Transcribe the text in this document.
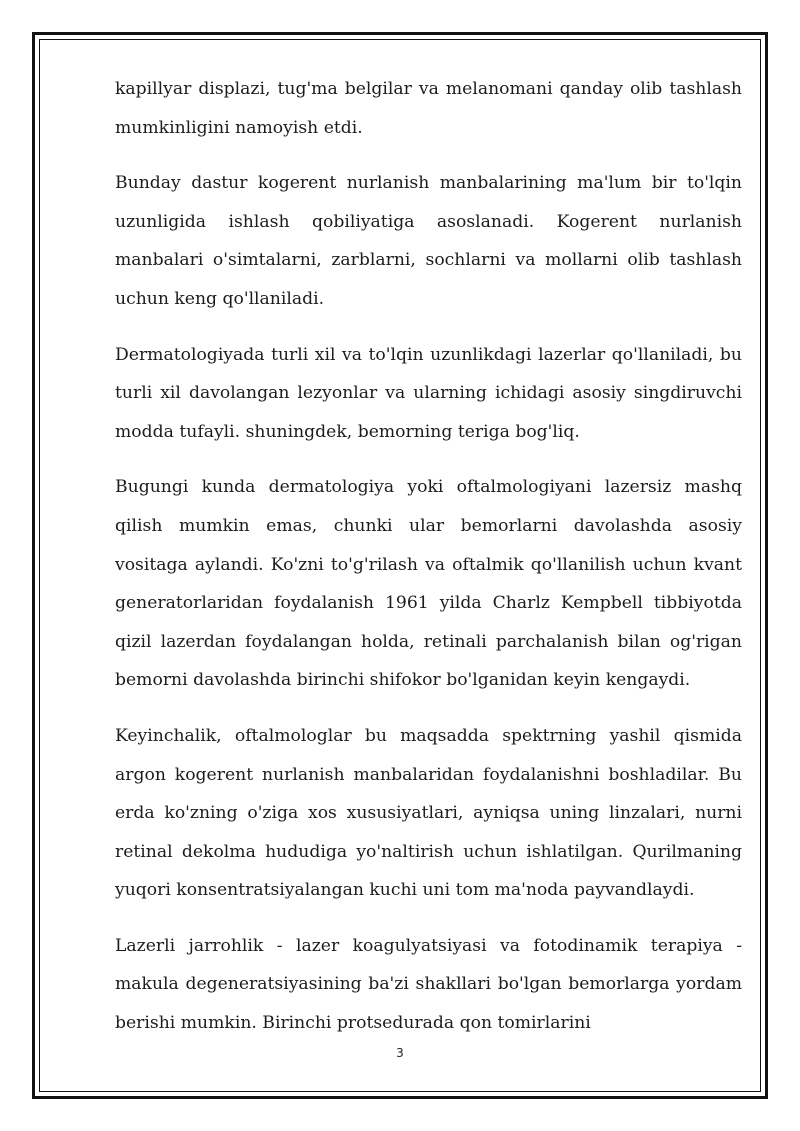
kapillyar displazi, tug'ma belgilar va melanomani qanday olib tashlash mumkinligini namoyish etdi.

Bunday dastur kogerent nurlanish manbalarining ma'lum bir to'lqin uzunligida ishlash qobiliyatiga asoslanadi. Kogerent nurlanish manbalari o'simtalarni, zarblarni, sochlarni va mollarni olib tashlash uchun keng qo'llaniladi.

Dermatologiyada turli xil va to'lqin uzunlikdagi lazerlar qo'llaniladi, bu turli xil davolangan lezyonlar va ularning ichidagi asosiy singdiruvchi modda tufayli. shuningdek, bemorning teriga bog'liq.

Bugungi kunda dermatologiya yoki oftalmologiyani lazersiz mashq qilish mumkin emas, chunki ular bemorlarni davolashda asosiy vositaga aylandi. Ko'zni to'g'rilash va oftalmik qo'llanilish uchun kvant generatorlaridan foydalanish 1961 yilda Charlz Kempbell tibbiyotda qizil lazerdan foydalangan holda, retinali parchalanish bilan og'rigan bemorni davolashda birinchi shifokor bo'lganidan keyin kengaydi.

Keyinchalik, oftalmologlar bu maqsadda spektrning yashil qismida argon kogerent nurlanish manbalaridan foydalanishni boshladilar. Bu erda ko'zning o'ziga xos xususiyatlari, ayniqsa uning linzalari, nurni retinal dekolma hududiga yo'naltirish uchun ishlatilgan. Qurilmaning yuqori konsentratsiyalangan kuchi uni tom ma'noda payvandlaydi.

Lazerli jarrohlik - lazer koagulyatsiyasi va fotodinamik terapiya - makula degeneratsiyasining ba'zi shakllari bo'lgan bemorlarga yordam berishi mumkin. Birinchi protsedurada qon tomirlarini

3
